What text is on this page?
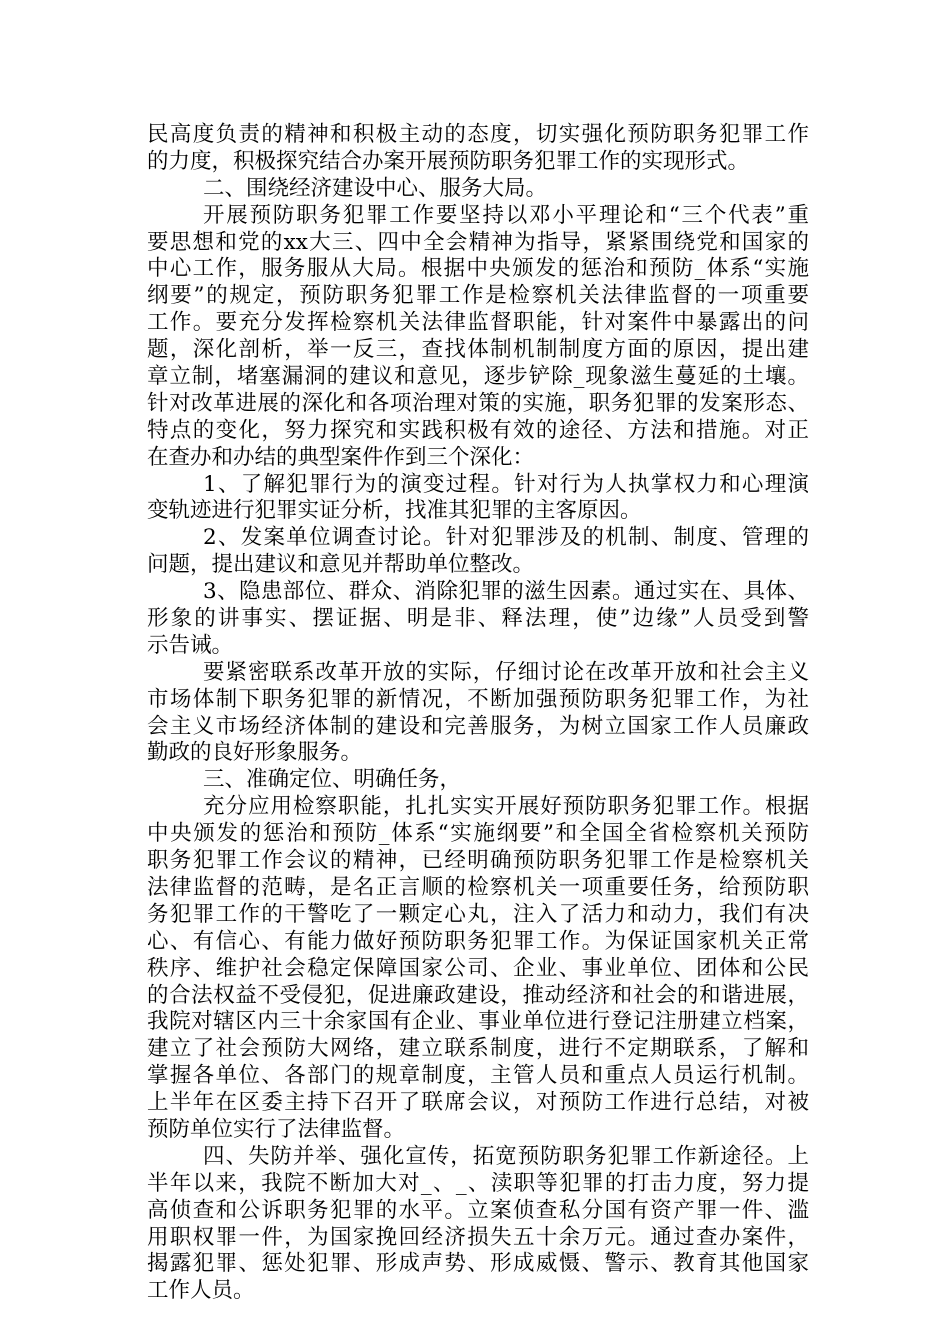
民高度负责的精神和积极主动的态度，切实强化预防职务犯罪工作
的力度，积极探究结合办案开展预防职务犯罪工作的实现形式。
二、围绕经济建设中心、服务大局。
开展预防职务犯罪工作要坚持以邓小平理论和“三个代表”重
要思想和党的xx大三、四中全会精神为指导，紧紧围绕党和国家的
中心工作，服务服从大局。根据中央颁发的惩治和预防_体系“实施
纲要”的规定，预防职务犯罪工作是检察机关法律监督的一项重要
工作。要充分发挥检察机关法律监督职能，针对案件中暴露出的问
题，深化剖析，举一反三，查找体制机制制度方面的原因，提出建
章立制，堵塞漏洞的建议和意见，逐步铲除_现象滋生蔓延的土壤。
针对改革进展的深化和各项治理对策的实施，职务犯罪的发案形态、
特点的变化，努力探究和实践积极有效的途径、方法和措施。对正
在查办和办结的典型案件作到三个深化：
1、了解犯罪行为的演变过程。针对行为人执掌权力和心理演
变轨迹进行犯罪实证分析，找准其犯罪的主客原因。
2、发案单位调查讨论。针对犯罪涉及的机制、制度、管理的
问题，提出建议和意见并帮助单位整改。
3、隐患部位、群众、消除犯罪的滋生因素。通过实在、具体、
形象的讲事实、摆证据、明是非、释法理，使”边缘”人员受到警
示告诫。
要紧密联系改革开放的实际，仔细讨论在改革开放和社会主义
市场体制下职务犯罪的新情况，不断加强预防职务犯罪工作，为社
会主义市场经济体制的建设和完善服务，为树立国家工作人员廉政
勤政的良好形象服务。
三、准确定位、明确任务，
充分应用检察职能，扎扎实实开展好预防职务犯罪工作。根据
中央颁发的惩治和预防_体系“实施纲要”和全国全省检察机关预防
职务犯罪工作会议的精神，已经明确预防职务犯罪工作是检察机关
法律监督的范畴，是名正言顺的检察机关一项重要任务，给预防职
务犯罪工作的干警吃了一颗定心丸，注入了活力和动力，我们有决
心、有信心、有能力做好预防职务犯罪工作。为保证国家机关正常
秩序、维护社会稳定保障国家公司、企业、事业单位、团体和公民
的合法权益不受侵犯，促进廉政建设，推动经济和社会的和谐进展，
我院对辖区内三十余家国有企业、事业单位进行登记注册建立档案，
建立了社会预防大网络，建立联系制度，进行不定期联系，了解和
掌握各单位、各部门的规章制度，主管人员和重点人员运行机制。
上半年在区委主持下召开了联席会议，对预防工作进行总结，对被
预防单位实行了法律监督。
四、失防并举、强化宣传，拓宽预防职务犯罪工作新途径。上
半年以来，我院不断加大对_、_、渎职等犯罪的打击力度，努力提
高侦查和公诉职务犯罪的水平。立案侦查私分国有资产罪一件、滥
用职权罪一件，为国家挽回经济损失五十余万元。通过查办案件，
揭露犯罪、惩处犯罪、形成声势、形成威慑、警示、教育其他国家
工作人员。
